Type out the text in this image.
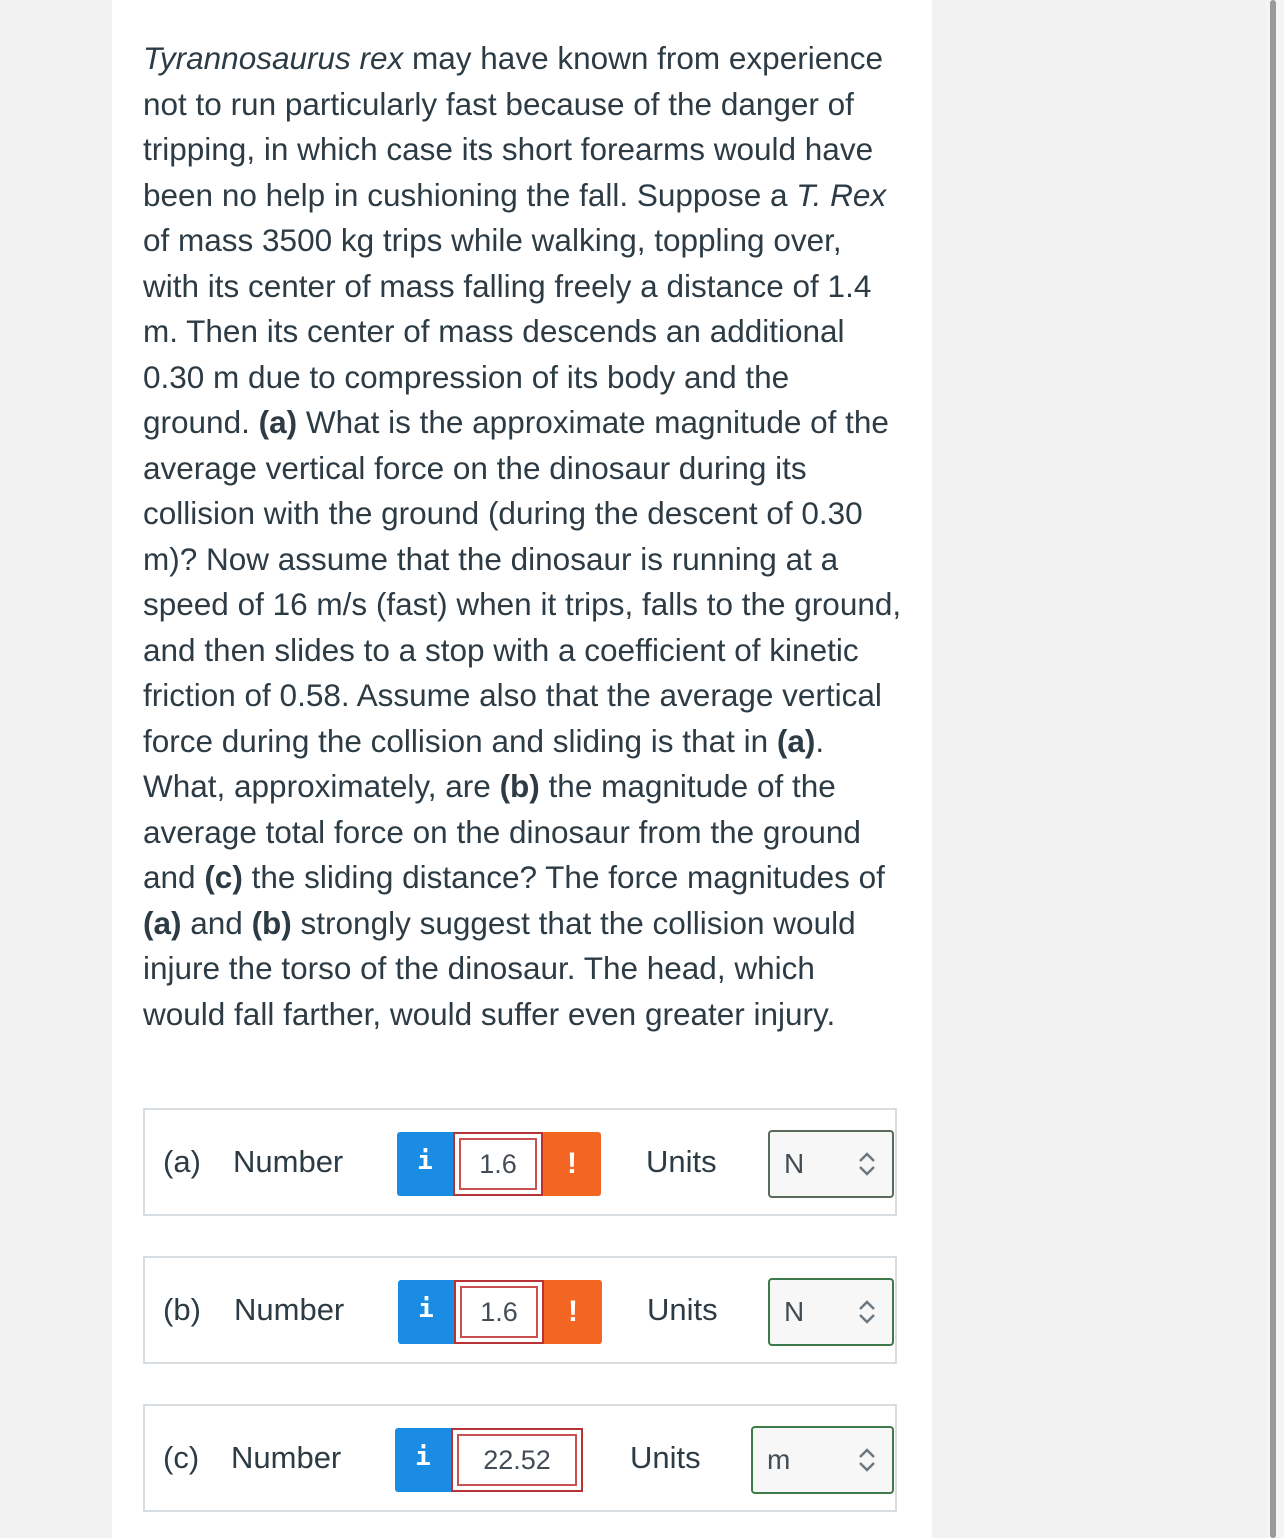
Tyrannosaurus rex may have known from experience not to run particularly fast because of the danger of tripping, in which case its short forearms would have been no help in cushioning the fall. Suppose a T. Rex of mass 3500 kg trips while walking, toppling over, with its center of mass falling freely a distance of 1.4 m. Then its center of mass descends an additional 0.30 m due to compression of its body and the ground. (a) What is the approximate magnitude of the average vertical force on the dinosaur during its collision with the ground (during the descent of 0.30 m)? Now assume that the dinosaur is running at a speed of 16 m/s (fast) when it trips, falls to the ground, and then slides to a stop with a coefficient of kinetic friction of 0.58. Assume also that the average vertical force during the collision and sliding is that in (a). What, approximately, are (b) the magnitude of the average total force on the dinosaur from the ground and (c) the sliding distance? The force magnitudes of (a) and (b) strongly suggest that the collision would injure the torso of the dinosaur. The head, which would fall farther, would suffer even greater injury.

(a) Number	i	1.6	!	Units N
(b) Number	i	1.6	!	Units N
(c) Number	i	22.52	Units m
